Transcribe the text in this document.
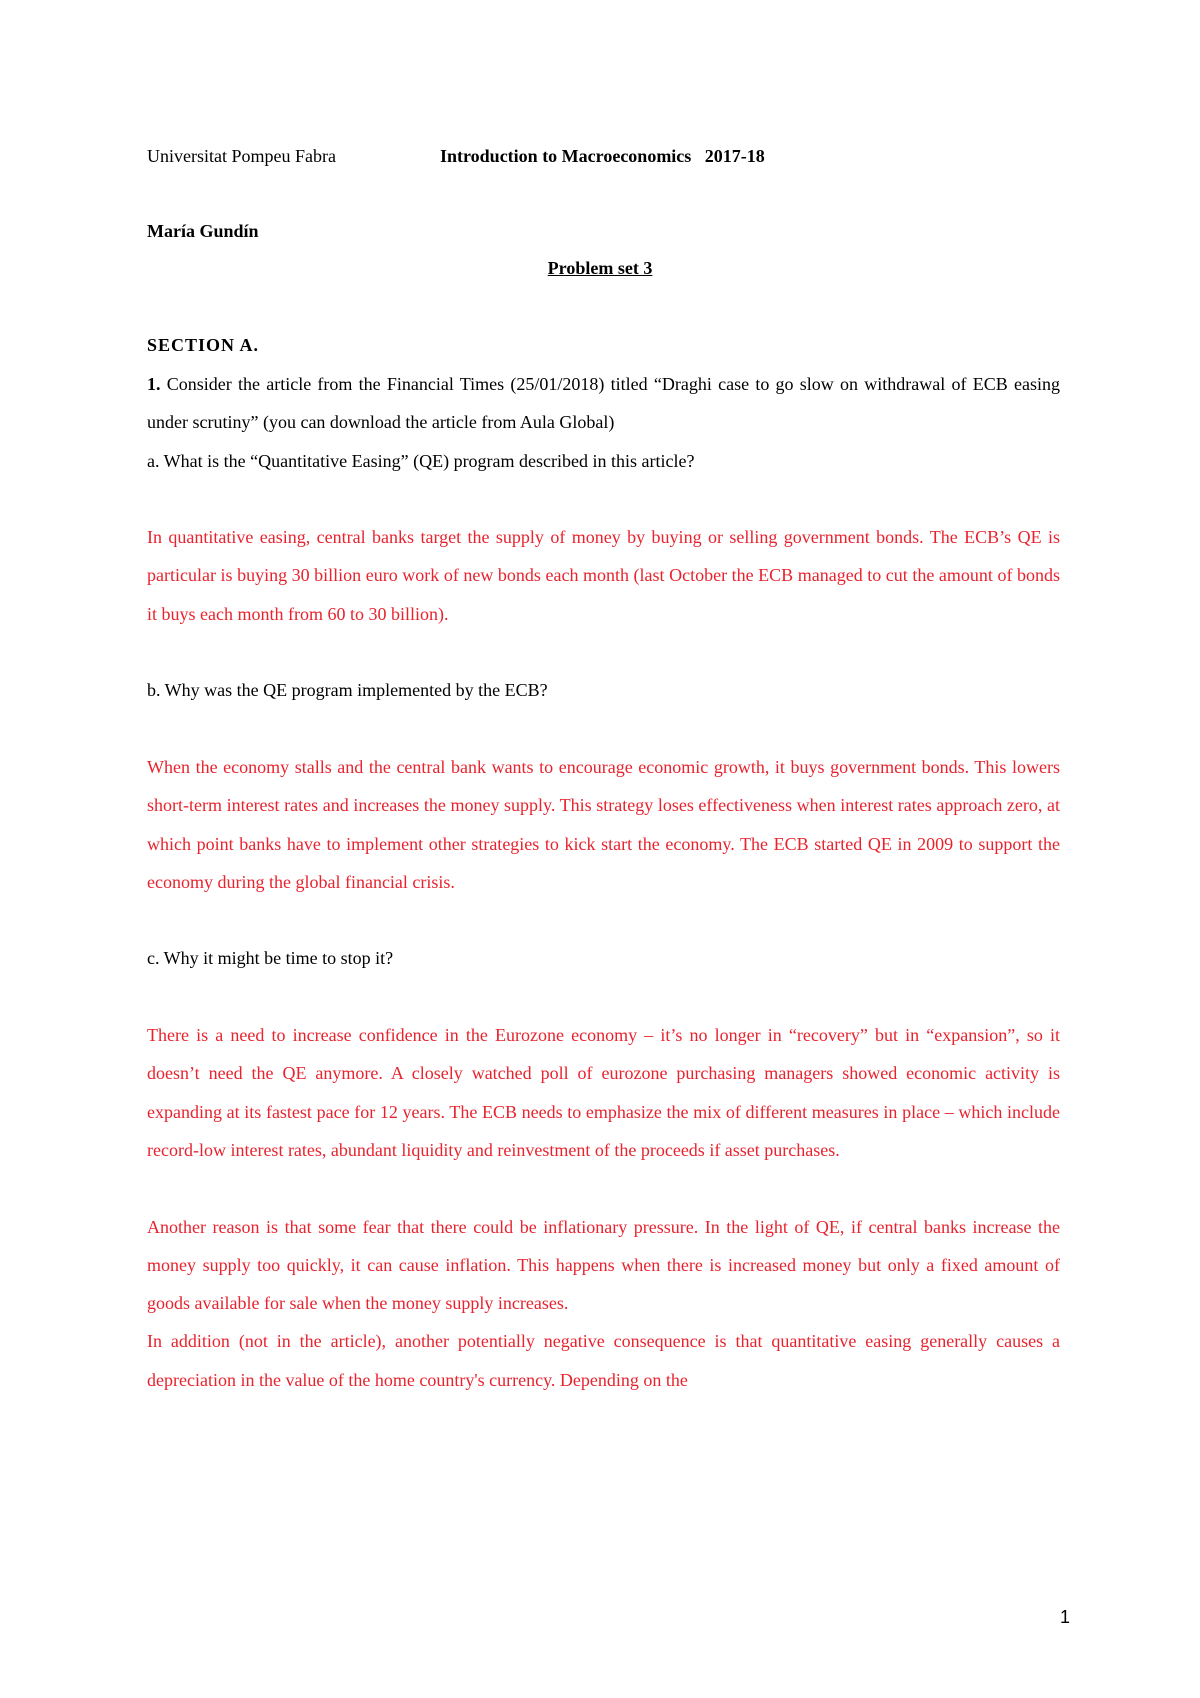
Universitat Pompeu Fabra	Introduction to Macroeconomics   2017-18
María Gundín
Problem set 3
SECTION A.

1. Consider the article from the Financial Times (25/01/2018) titled “Draghi case to go slow on withdrawal of ECB easing under scrutiny” (you can download the article from Aula Global)

a. What is the “Quantitative Easing” (QE) program described in this article?

In quantitative easing, central banks target the supply of money by buying or selling government bonds. The ECB’s QE is particular is buying 30 billion euro work of new bonds each month (last October the ECB managed to cut the amount of bonds it buys each month from 60 to 30 billion).

b. Why was the QE program implemented by the ECB?

When the economy stalls and the central bank wants to encourage economic growth, it buys government bonds. This lowers short-term interest rates and increases the money supply. This strategy loses effectiveness when interest rates approach zero, at which point banks have to implement other strategies to kick start the economy. The ECB started QE in 2009 to support the economy during the global financial crisis.

c. Why it might be time to stop it?

There is a need to increase confidence in the Eurozone economy – it’s no longer in “recovery” but in “expansion”, so it doesn’t need the QE anymore. A closely watched poll of eurozone purchasing managers showed economic activity is expanding at its fastest pace for 12 years. The ECB needs to emphasize the mix of different measures in place – which include record-low interest rates, abundant liquidity and reinvestment of the proceeds if asset purchases.

Another reason is that some fear that there could be inflationary pressure. In the light of QE, if central banks increase the money supply too quickly, it can cause inflation. This happens when there is increased money but only a fixed amount of goods available for sale when the money supply increases.

In addition (not in the article), another potentially negative consequence is that quantitative easing generally causes a depreciation in the value of the home country's currency. Depending on the

1
